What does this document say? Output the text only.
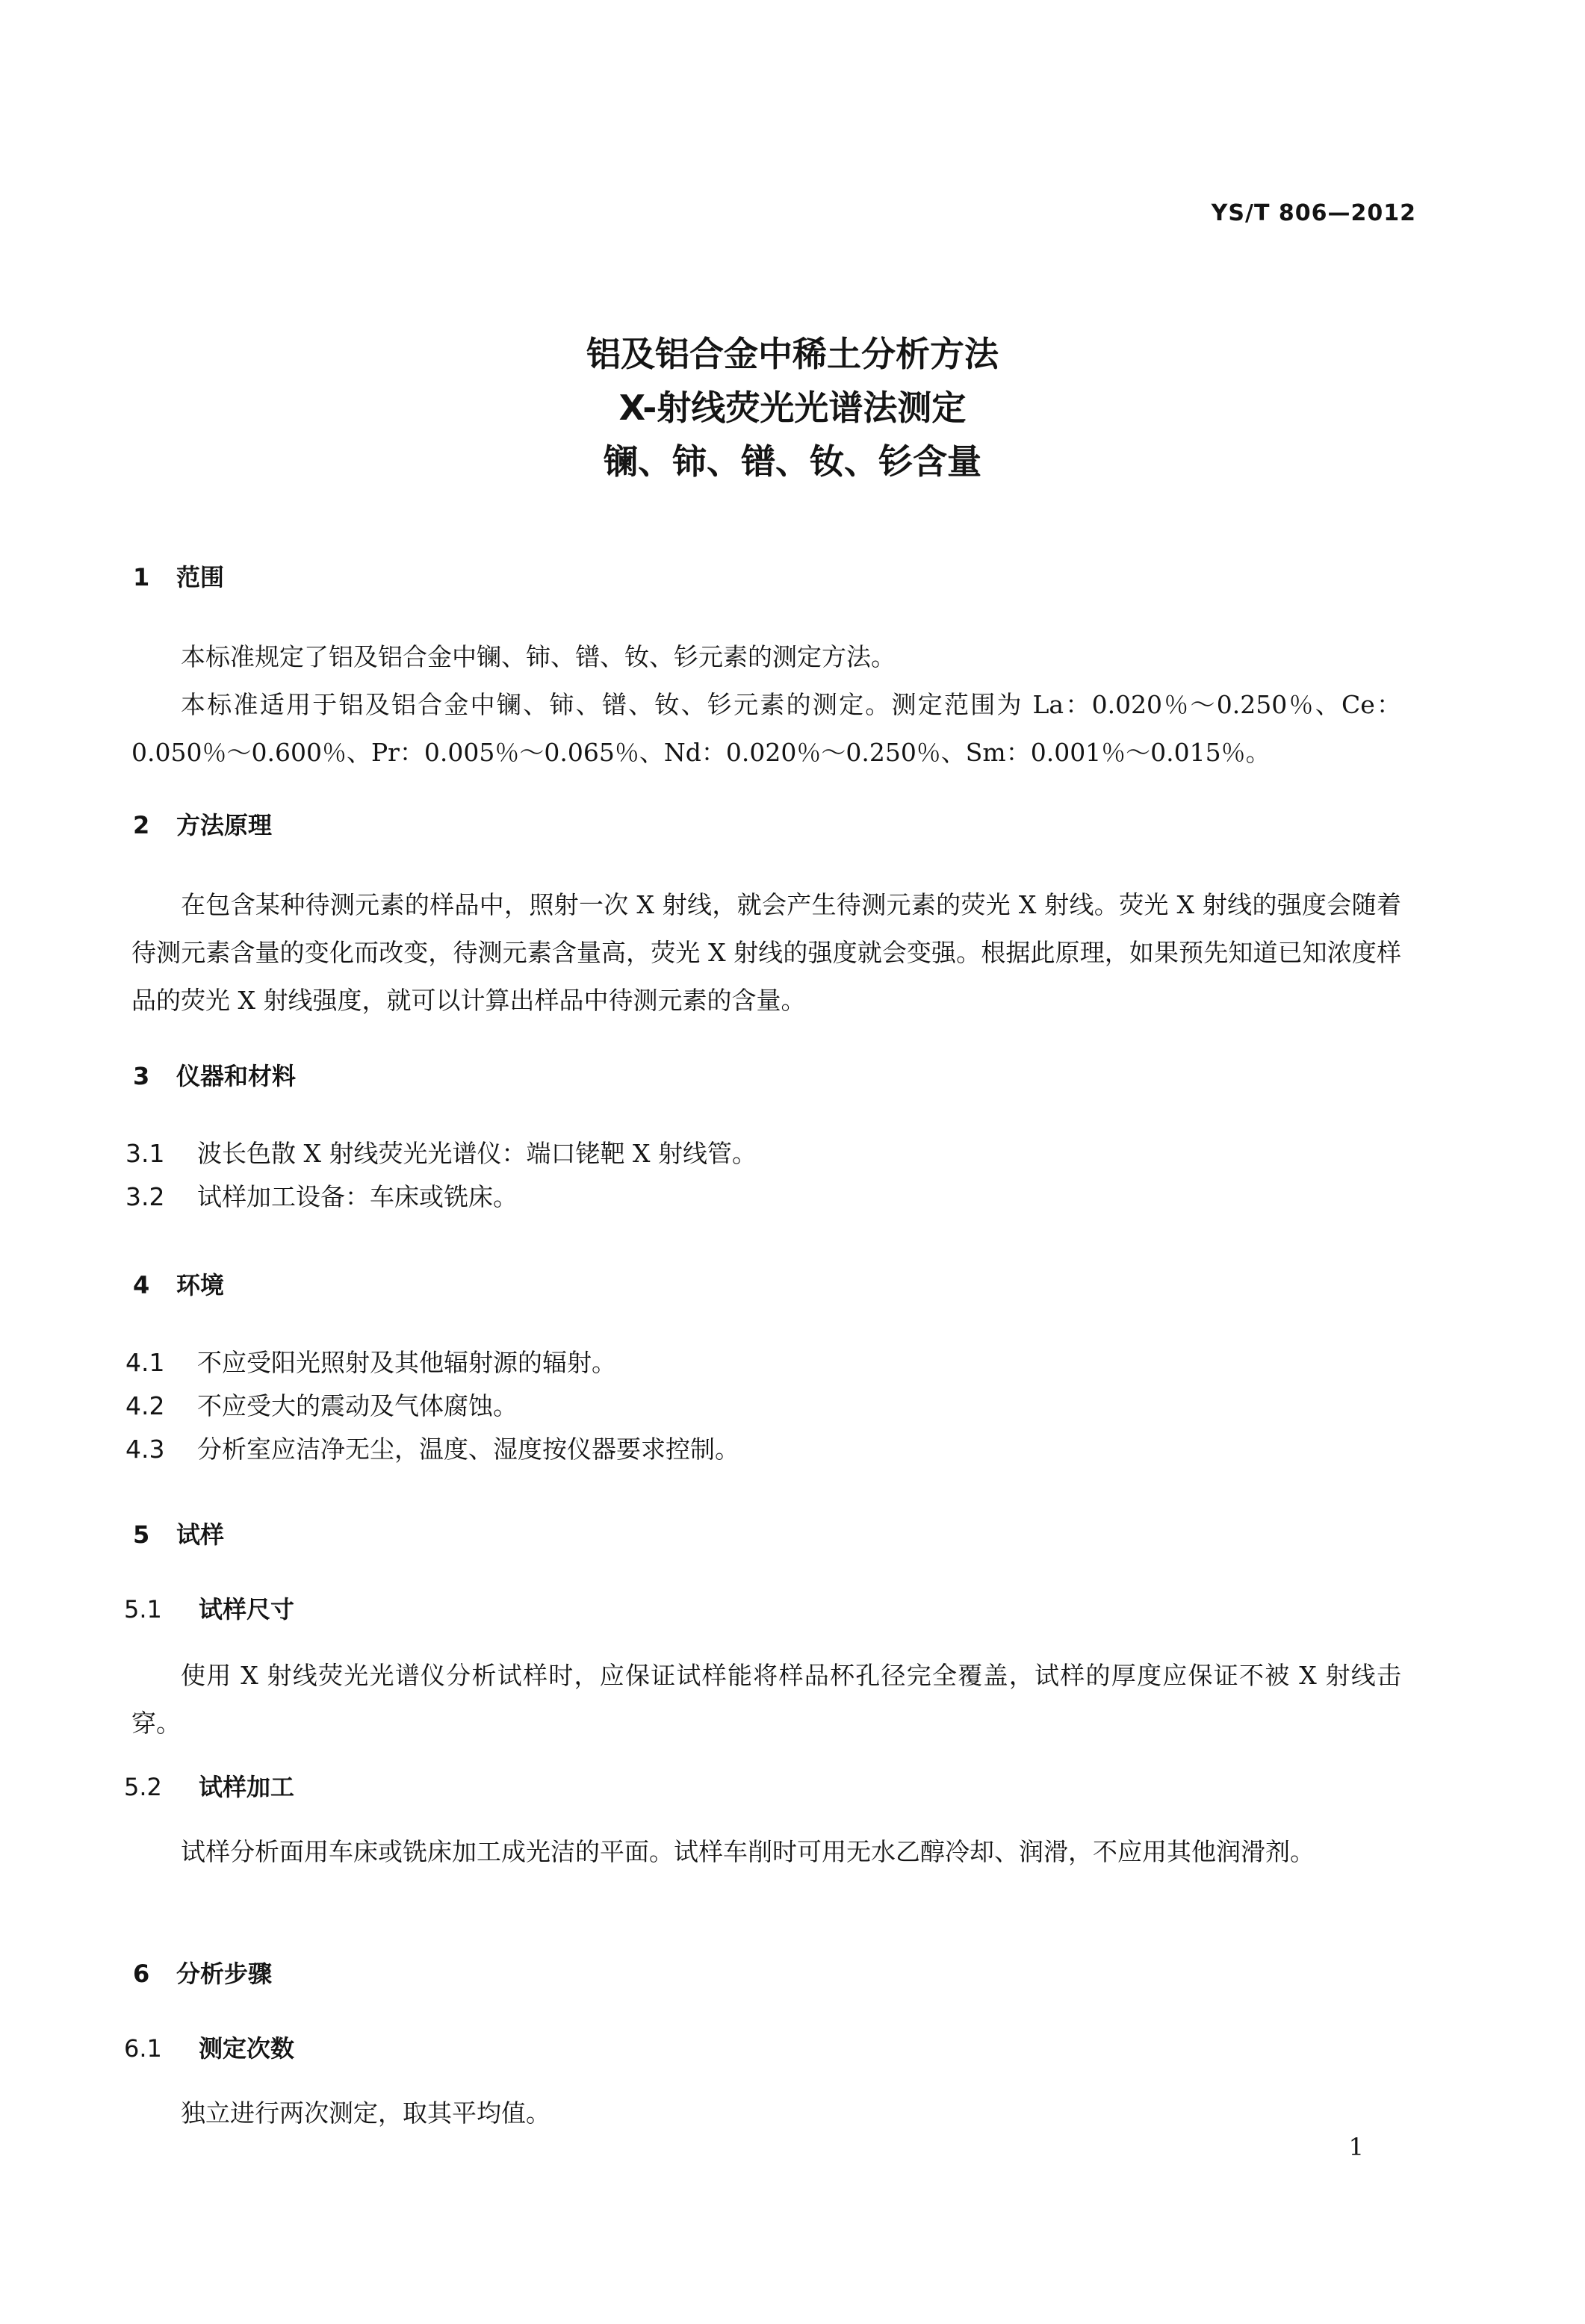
YS/T 806—2012
铝及铝合金中稀土分析方法
X-射线荧光光谱法测定
镧、铈、镨、钕、钐含量
1 范围
本标准规定了铝及铝合金中镧、铈、镨、钕、钐元素的测定方法。
本标准适用于铝及铝合金中镧、铈、镨、钕、钐元素的测定。测定范围为 La：0.020％～0.250％、Ce：0.050％～0.600％、Pr：0.005％～0.065％、Nd：0.020％～0.250％、Sm：0.001％～0.015％。
2 方法原理
在包含某种待测元素的样品中，照射一次 X 射线，就会产生待测元素的荧光 X 射线。荧光 X 射线的强度会随着待测元素含量的变化而改变，待测元素含量高，荧光 X 射线的强度就会变强。根据此原理，如果预先知道已知浓度样品的荧光 X 射线强度，就可以计算出样品中待测元素的含量。
3 仪器和材料
3.1 波长色散 X 射线荧光光谱仪：端口铑靶 X 射线管。
3.2 试样加工设备：车床或铣床。
4 环境
4.1 不应受阳光照射及其他辐射源的辐射。
4.2 不应受大的震动及气体腐蚀。
4.3 分析室应洁净无尘，温度、湿度按仪器要求控制。
5 试样
5.1 试样尺寸
使用 X 射线荧光光谱仪分析试样时，应保证试样能将样品杯孔径完全覆盖，试样的厚度应保证不被 X 射线击穿。
5.2 试样加工
试样分析面用车床或铣床加工成光洁的平面。试样车削时可用无水乙醇冷却、润滑，不应用其他润滑剂。
6 分析步骤
6.1 测定次数
独立进行两次测定，取其平均值。
1
